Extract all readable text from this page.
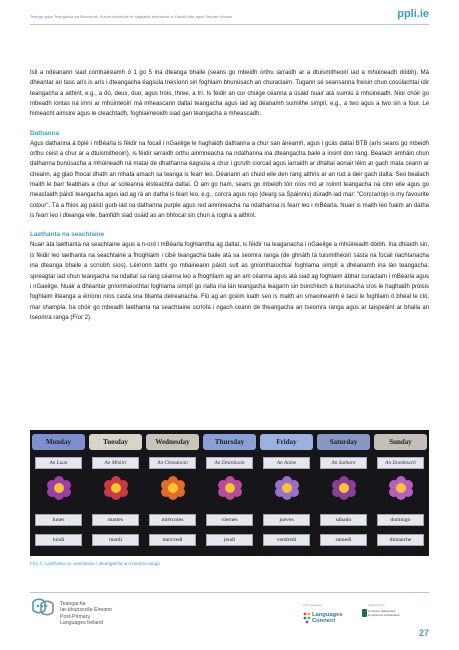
Teanga agus Teangacha sa Bhunscoil: Roinnt treoirlínte le haghaidh múinteoirí le David Little agus Deirdre Kirwan	ppli.ie

tsli a ndéanann siad comhaireamh ó 1 go 5 ina dteanga bhaile (seans go mbeidh orthu iarraidh ar a dtuismitheoirí iad a mhúineadh dóibh). Má dhéantar an tasc arís is arís i dteangacha éagsúla treisíonn sin foghlaim bhunúsach an churaclaim. Tugann sé seansanna freisin chun cosúlachtaí idir teangacha a aithint, e.g., a dó, deux, duo, agus trois, three, a trí. Is féidir an cur chuige céanna a úsáid nuair atá suimiú á mhúineadh. Nior chóir go mbeadh iontas ná imní ar mhúinteoirí má mheascann daltaí teangacha agus iad ag déanamh suimithe simplí, e.g., a two agus a two sin a four. Le himeacht aimsire agus le cleachtadh, foghlaimeoidh siad gan teangacha a mheascadh.

Dathanna

Agus dathanna á bplé i mBéarla is féidir na focail i nGaeilge le haghaidh dathanna a chur san áireamh, agus i gcás daltaí BTB (arís seans go mbeidh orthu ceist a chur ar a dtuismitheoirí), is féidir iarraidh orthu ainmneacha na ndathanna ina dteangacha baile a insint don rang. Bealach amháin chun dathanna bunúsacha a mhúineadh ná mataí de dhathanna éagsúla a chur i gcruth ciorcail agus iarraidh ar dhaltaí aonair léim ar gach mata ceann ar cheann, ag glao fhocal dhath an mhata amach sa teanga is fearr leo. Déanann an chuid eile den rang aithris ar an rud a deir gach dalta. Seo bealach maith le barr feabhais a chur ar scileanna éisteachta daltaí. Ó am go ham, seans go mbeidh tóir níos mó ar roinnt teangacha ná cinn eile agus go measfaidh páistí teangacha agus iad ag rá an datha is fearr leo, e.g., corcra agus rojo (dearg sa Spáinnis) düradh iad mar: "Corcra/rojo is my favourite colour". Tá a fhios ag páistí gurb iad na dathanna purple agus red ainmneacha na ndathanna is fearr leo i mBéarla. Nuair is maith leo fuaim an datha is fearr leo i dteanga eile, bainfidh siad úsáid as an bhfocal sin chun a rogha a aithint.

Laethanta na seachtaine

Nuair atá laethanta na seachtaine agus a n-ord i mBéarla foghlamtha ag daltaí, is féidir na leaganacha i nGaeilge a mhúineadh dóibh. Ina dhiaidh sin, is féidir leo laethanta na seachtaine a fhoghlaim i cibé teangacha baile atá sa seomra ranga (de ghnáth tá tuismitheoirí sásta na focail riachtanacha ina dteanga bhaile a scríobh síos). Léiríonn taithí go mbaineann páistí sult as gníomhaíochtaí foghlama simplí a dhéanamh ina lán teangacha; spreagtar iad chun teangacha na ndaltaí sa rang céanna leo a fhoghlaim ag an am céanna agus atá siad ag foghlaim ábhar curaclaim i mBéarla agus i nGaeilge. Nuair a dhéantar gníomhaíochtaí foghlama simplí go rialta ina lán teangacha leagann sin bunchloch a bunúsacha síos le haghaidh próisis foghlaim ilteanga a éiríonn níos casta sna blianta deireanacha. Fiú ag an gcéim luath seo is maith an smaoineamh é tacú le foghlaim ó bhéal le cló; mar shampla, ba chóir go mbeadh laethanta na seachtaine scríofa i ngach ceann de theangacha an tseomra ranga agus ar taispeáint ar bhalla an tseomra ranga (Fíor 2).

Monday
An Luan
lunes
lundi
Tuesday
An Mháirt
martes
mardi
Wednesday
An Chéadaoin
miércoles
mercredi
Thursday
An Déardaoin
viernes
jeudi
Friday
An Aoine
jueves
vendredi
Saturday
An Satharn
sábado
samedi
Sunday
An Domhnach
domingo
dimanche
Fíor 2: Laethanta na seachtaine i dteangacha an tseomra ranga
Teangacha
Iar-bhunscoile Éireann
Post-Primary
Languages Ireland
PPLI operating
Languages
Connect
Supported by
An Roinn Oideachais
Department of Education
27
